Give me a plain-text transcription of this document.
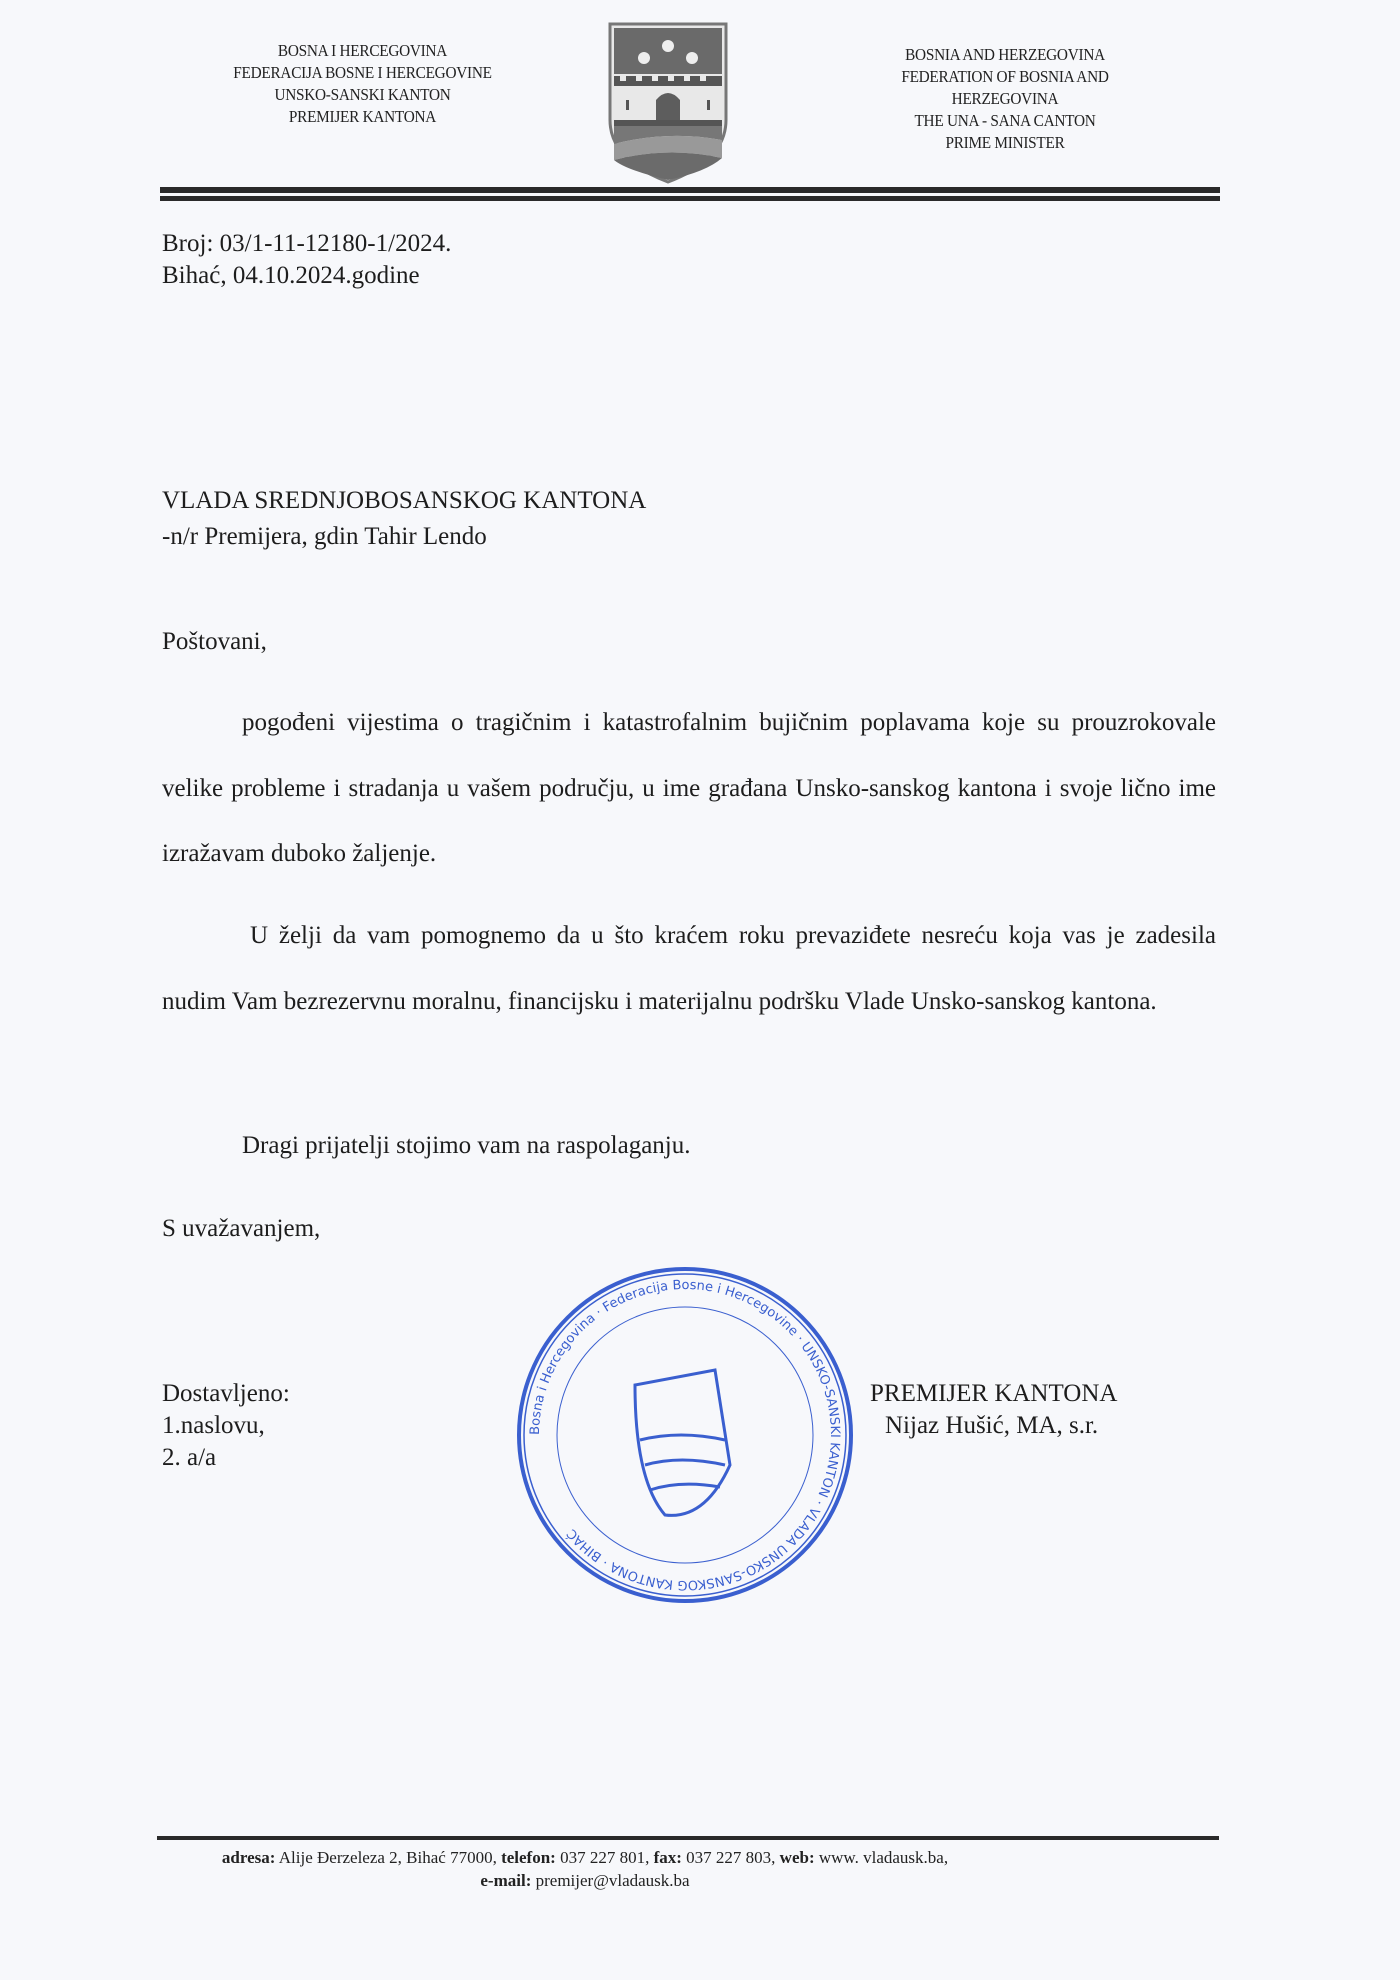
BOSNA I HERCEGOVINA
FEDERACIJA BOSNE I HERCEGOVINE
UNSKO-SANSKI KANTON
PREMIJER KANTONA
BOSNIA AND HERZEGOVINA
FEDERATION OF BOSNIA AND
HERZEGOVINA
THE UNA - SANA CANTON
PRIME MINISTER
Broj: 03/1-11-12180-1/2024.
Bihać, 04.10.2024.godine
VLADA SREDNJOBOSANSKOG KANTONA
-n/r Premijera, gdin Tahir Lendo
Poštovani,
pogođeni vijestima o tragičnim i katastrofalnim bujičnim poplavama koje su prouzrokovale velike probleme i stradanja u vašem području, u ime građana Unsko-sanskog kantona i svoje lično ime izražavam duboko žaljenje.
U želji da vam pomognemo da u što kraćem roku prevaziđete nesreću koja vas je zadesila nudim Vam bezrezervnu moralnu, financijsku i materijalnu podršku Vlade Unsko-sanskog kantona.
Dragi prijatelji stojimo vam na raspolaganju.
S uvažavanjem,
Dostavljeno:
1.naslovu,
2. a/a
Bosna i Hercegovina · Federacija Bosne i Hercegovine · UNSKO-SANSKI KANTON · VLADA UNSKO-SANSKOG KANTONA · BIHAĆ
PREMIJER KANTONA
Nijaz Hušić, MA, s.r.
adresa: Alije Đerzeleza 2, Bihać 77000, telefon: 037 227 801, fax: 037 227 803, web: www. vladausk.ba,
e-mail: premijer@vladausk.ba
